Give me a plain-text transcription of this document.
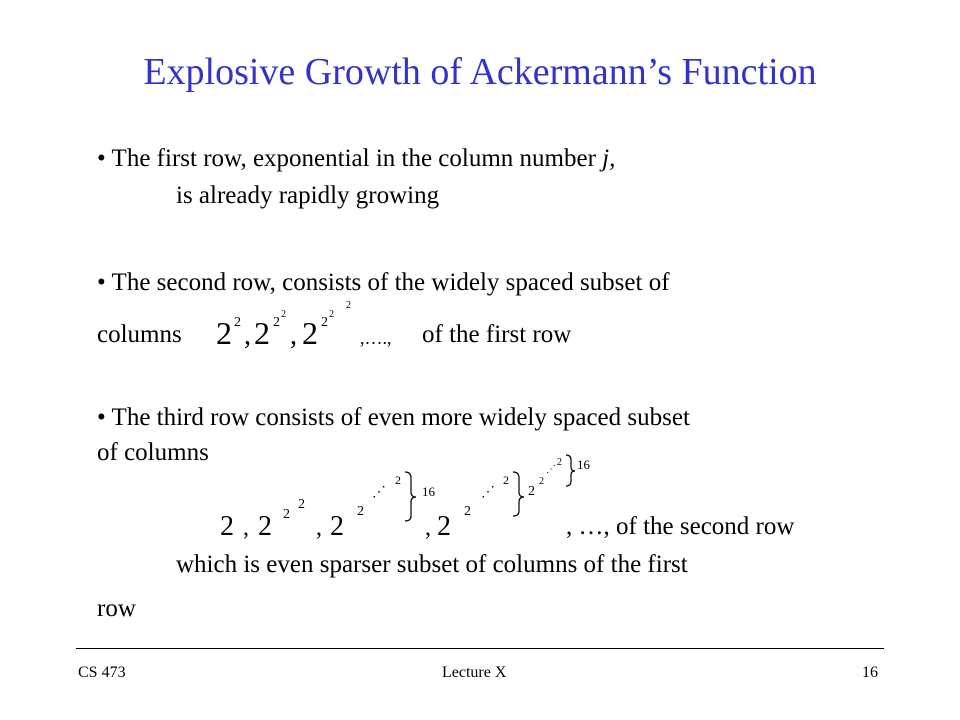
Explosive Growth of Ackermann’s Function
• The first row, exponential in the column number j,
is already rapidly growing
• The second row, consists of the widely spaced subset of
columns	of the first row
• The third row consists of even more widely spaced subset
of columns
, …, of the second row
which is even sparser subset of columns of the first
row
2 2 , 2 2
2
, 2 2
2
2
,….,
2 , 2 2
2
, 2 2
⋰
2
16
, 2 2
⋰
2
2
2
⋰
2 16
CS 473	Lecture X	16
